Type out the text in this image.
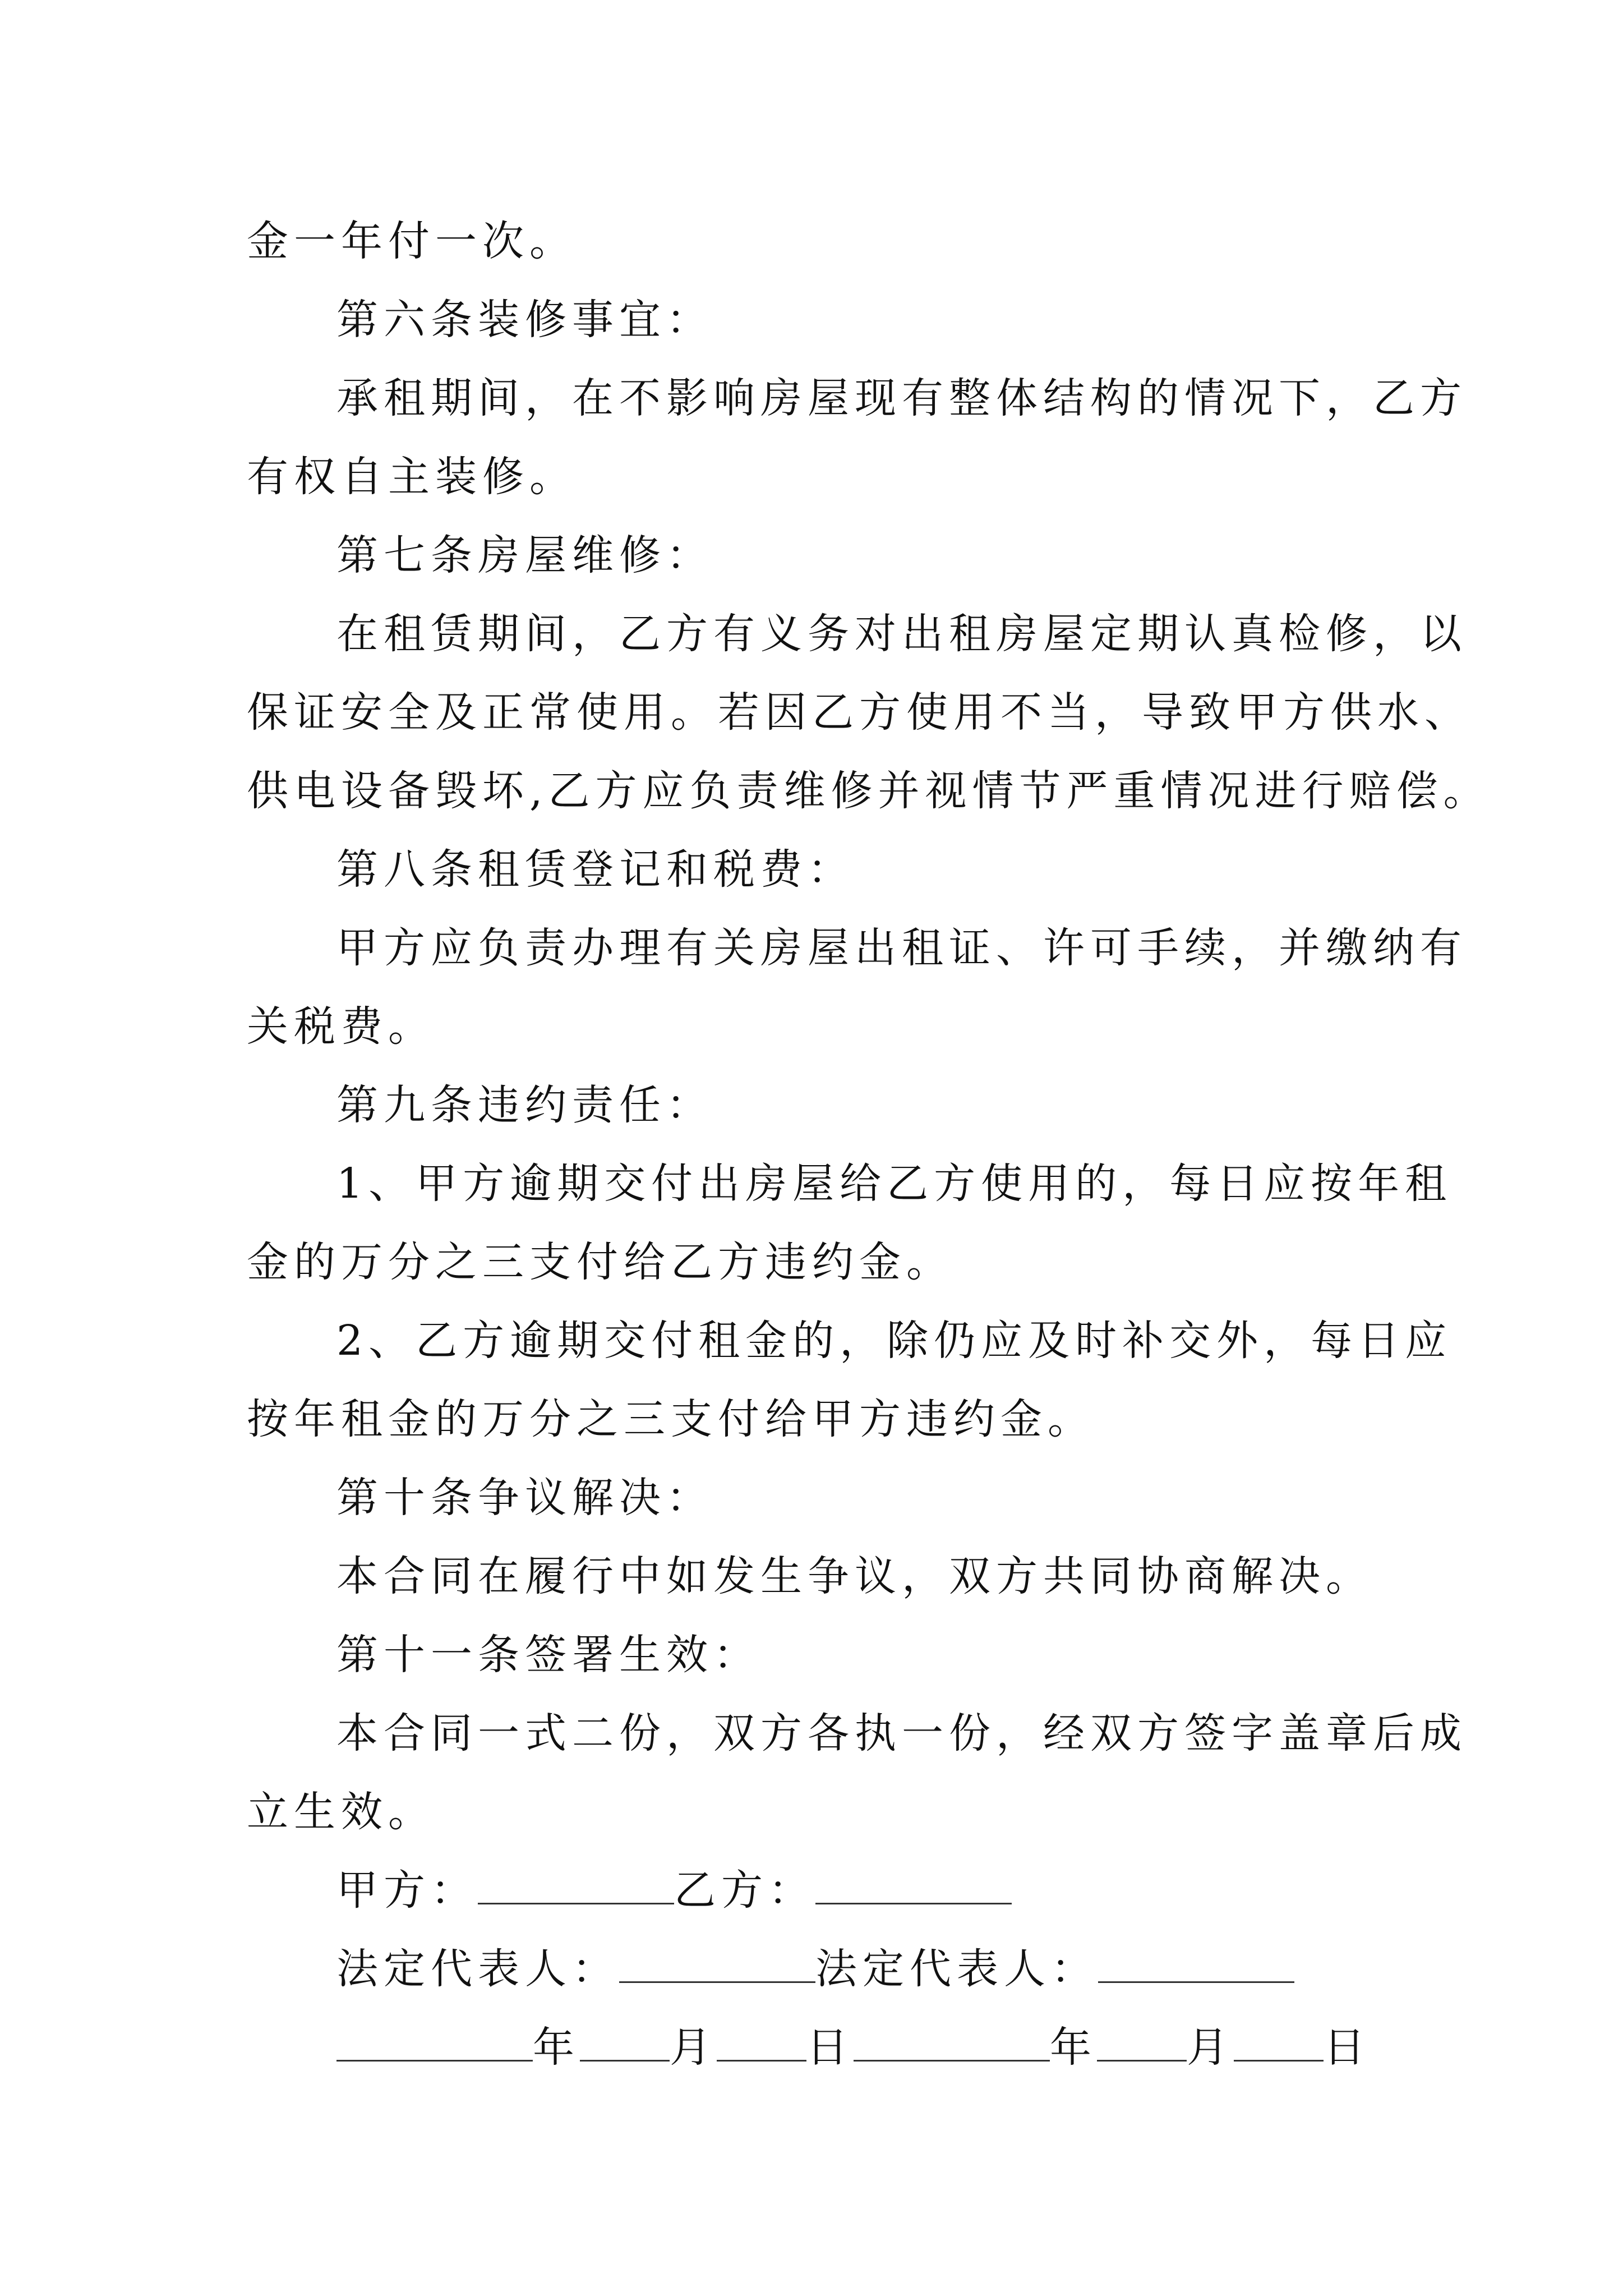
金一年付一次。
第六条装修事宜：
承租期间，在不影响房屋现有整体结构的情况下，乙方
有权自主装修。
第七条房屋维修：
在租赁期间，乙方有义务对出租房屋定期认真检修，以
保证安全及正常使用。若因乙方使用不当，导致甲方供水、
供电设备毁坏,乙方应负责维修并视情节严重情况进行赔偿。
第八条租赁登记和税费：
甲方应负责办理有关房屋出租证、许可手续，并缴纳有
关税费。
第九条违约责任：
1、甲方逾期交付出房屋给乙方使用的，每日应按年租
金的万分之三支付给乙方违约金。
2、乙方逾期交付租金的，除仍应及时补交外，每日应
按年租金的万分之三支付给甲方违约金。
第十条争议解决：
本合同在履行中如发生争议，双方共同协商解决。
第十一条签署生效：
本合同一式二份，双方各执一份，经双方签字盖章后成
立生效。
甲方：	乙方：
法定代表人：	法定代表人：
年 月 日	年 月 日
